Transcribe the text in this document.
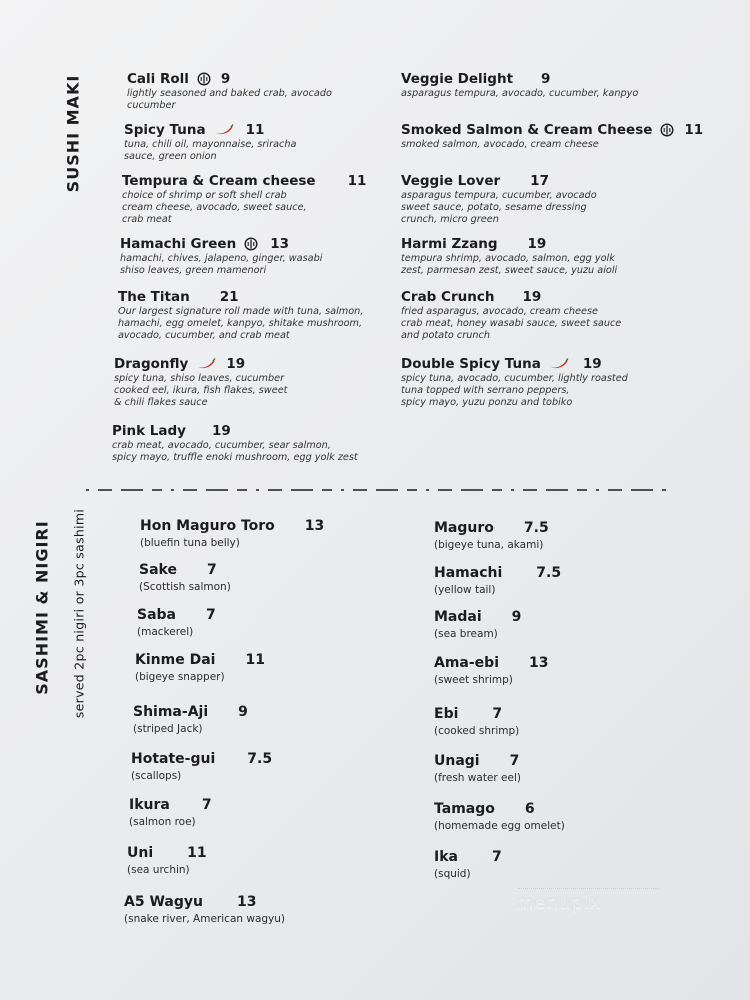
SUSHI MAKI
SASHIMI & NIGIRI served 2pc nigiri or 3pc sashimi
Cali Roll 9
lightly seasoned and baked crab, avocado
cucumber
Spicy Tuna	11
tuna, chili oil, mayonnaise, sriracha
sauce, green onion
Tempura & Cream cheese 11
choice of shrimp or soft shell crab
cream cheese, avocado, sweet sauce,
crab meat
Hamachi Green	13
hamachi, chives, jalapeno, ginger, wasabi
shiso leaves, green mamenori
The Titan 21
Our largest signature roll made with tuna, salmon,
hamachi, egg omelet, kanpyo, shitake mushroom,
avocado, cucumber, and crab meat
Dragonfly	19
spicy tuna, shiso leaves, cucumber
cooked eel, ikura, fish flakes, sweet
& chili flakes sauce
Pink Lady 19
crab meat, avocado, cucumber, sear salmon,
spicy mayo, truffle enoki mushroom, egg yolk zest
Veggie Delight 9
asparagus tempura, avocado, cucumber, kanpyo
Smoked Salmon & Cream Cheese 11
smoked salmon, avocado, cream cheese
Veggie Lover 17
asparagus tempura, cucumber, avocado
sweet sauce, potato, sesame dressing
crunch, micro green
Harmi Zzang 19
tempura shrimp, avocado, salmon, egg yolk
zest, parmesan zest, sweet sauce, yuzu aioli
Crab Crunch 19
fried asparagus, avocado, cream cheese
crab meat, honey wasabi sauce, sweet sauce
and potato crunch
Double Spicy Tuna	19
spicy tuna, avocado, cucumber, lightly roasted
tuna topped with serrano peppers,
spicy mayo, yuzu ponzu and tobiko
Hon Maguro Toro 13
(bluefin tuna belly)
Sake 7
(Scottish salmon)
Saba 7
(mackerel)
Kinme Dai 11
(bigeye snapper)
Shima-Aji 9
(striped Jack)
Hotate-gui 7.5
(scallops)
Ikura 7
(salmon roe)
Uni 11
(sea urchin)
A5 Wagyu 13
(snake river, American wagyu)
Maguro 7.5
(bigeye tuna, akami)
Hamachi 7.5
(yellow tail)
Madai 9
(sea bream)
Ama-ebi 13
(sweet shrimp)
Ebi 7
(cooked shrimp)
Unagi 7
(fresh water eel)
Tamago 6
(homemade egg omelet)
Ika 7
(squid)
menupix
